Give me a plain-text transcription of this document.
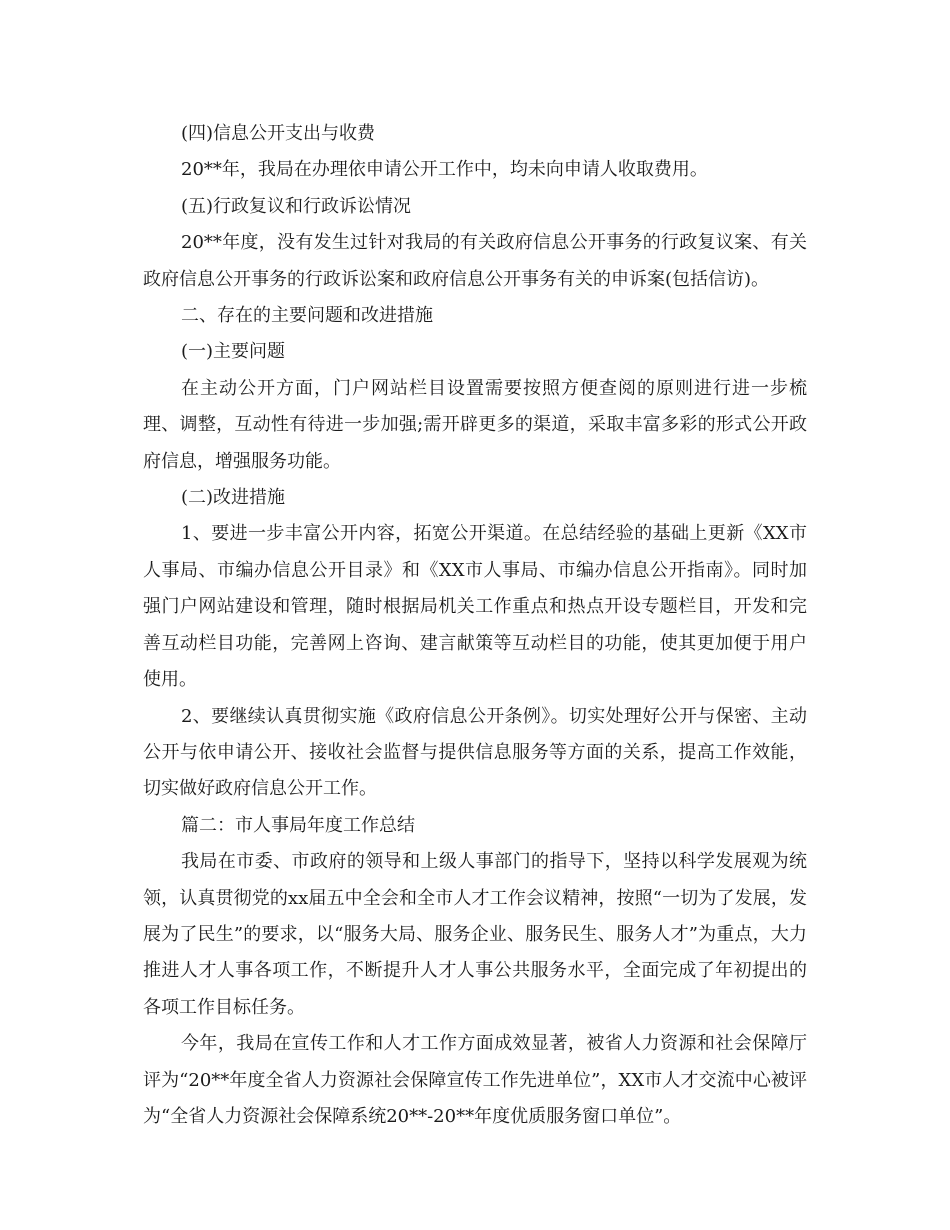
(四)信息公开支出与收费

20**年，我局在办理依申请公开工作中，均未向申请人收取费用。

(五)行政复议和行政诉讼情况

20**年度，没有发生过针对我局的有关政府信息公开事务的行政复议案、有关政府信息公开事务的行政诉讼案和政府信息公开事务有关的申诉案(包括信访)。

二、存在的主要问题和改进措施

(一)主要问题

在主动公开方面，门户网站栏目设置需要按照方便查阅的原则进行进一步梳理、调整，互动性有待进一步加强;需开辟更多的渠道，采取丰富多彩的形式公开政府信息，增强服务功能。

(二)改进措施

1、要进一步丰富公开内容，拓宽公开渠道。在总结经验的基础上更新《XX市人事局、市编办信息公开目录》和《XX市人事局、市编办信息公开指南》。同时加强门户网站建设和管理，随时根据局机关工作重点和热点开设专题栏目，开发和完善互动栏目功能，完善网上咨询、建言献策等互动栏目的功能，使其更加便于用户使用。

2、要继续认真贯彻实施《政府信息公开条例》。切实处理好公开与保密、主动公开与依申请公开、接收社会监督与提供信息服务等方面的关系，提高工作效能，切实做好政府信息公开工作。

篇二：市人事局年度工作总结

我局在市委、市政府的领导和上级人事部门的指导下，坚持以科学发展观为统领，认真贯彻党的xx届五中全会和全市人才工作会议精神，按照“一切为了发展，发展为了民生”的要求，以“服务大局、服务企业、服务民生、服务人才”为重点，大力推进人才人事各项工作，不断提升人才人事公共服务水平，全面完成了年初提出的各项工作目标任务。

今年，我局在宣传工作和人才工作方面成效显著，被省人力资源和社会保障厅评为“20**年度全省人力资源社会保障宣传工作先进单位”，XX市人才交流中心被评为“全省人力资源社会保障系统20**-20**年度优质服务窗口单位”。
